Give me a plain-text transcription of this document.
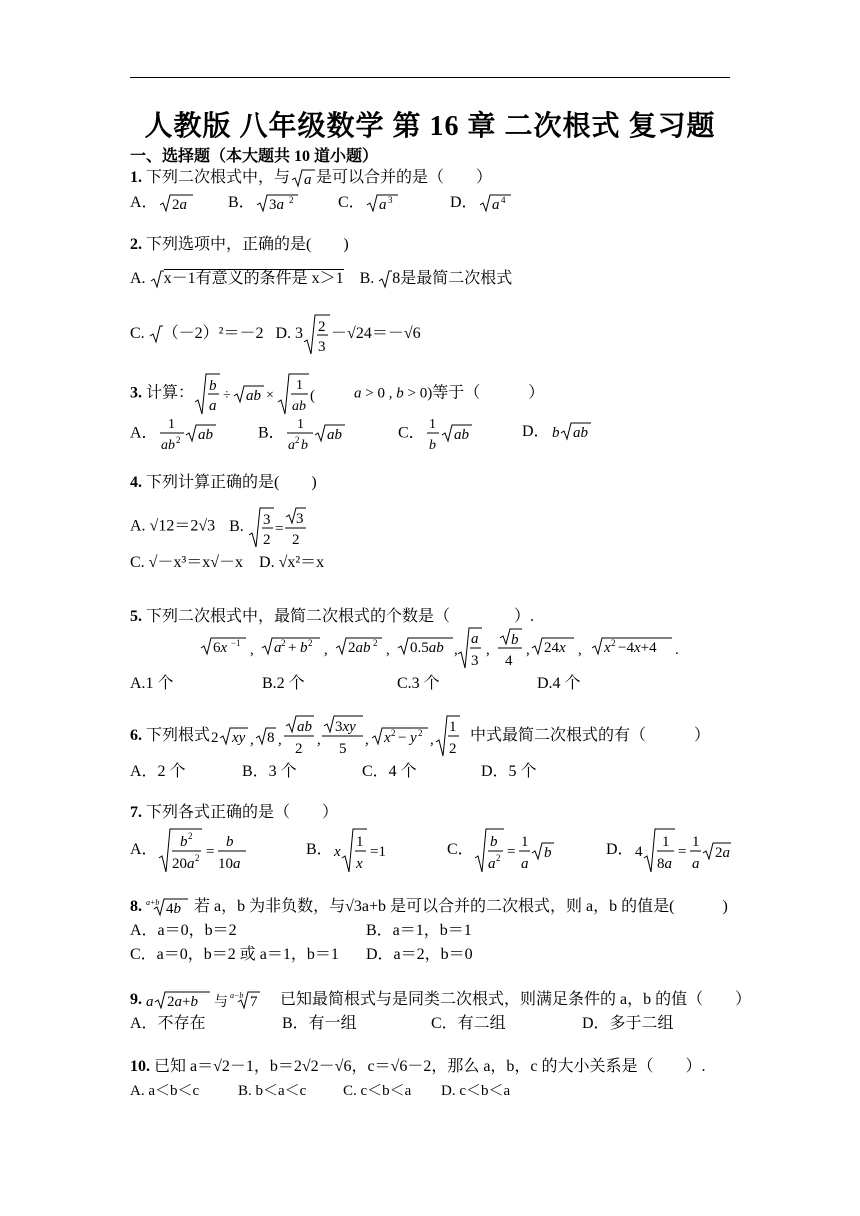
人教版 八年级数学 第 16 章 二次根式 复习题
一、选择题（本大题共 10 道小题）
1. 下列二次根式中，与 a 是可以合并的是（　　）
A． 2a	B． 3a 2	C． a 3	D． a 4
2. 下列选项中，正确的是(　　)
A. x－1有意义的条件是 x＞1 B. 8是最简二次根式
C. （－2）²＝－2 D. 3 2
3
－√24＝－√6
3. 计算： b
a
÷ ab ×
1
ab
(	a > 0 , b > 0)等于（　　　）
A．
1
ab 2 ab	B．
1
a 2 b
ab	C．
1
b
ab	D． b ab
4. 下列计算正确的是(　　)
A. √12＝2√3 B. 3
2
=
3
2
C. √－x³＝x√－x D. √x²＝x
5. 下列二次根式中，最简二次根式的个数是（　　　　）.
6x −1 , a 2 + b 2 , 2ab 2 , 0.5ab ,
a
3
,
b
4
, 24x , x 2 −4x+4 .
A.1 个	B.2 个	C.3 个	D.4 个
6. 下列根式 2 xy , 8 ,
ab
2
,
3xy
5
, x 2 − y 2 ,
1
2
中式最简二次根式的有（　　　）
A．2 个	B．3 个	C．4 个	D．5 个
7. 下列各式正确的是（　　）
A． b 2
20a 2 =
b
10a
B． x
1
x
=1	C． b
a 2 =
1
a
b	D． 4
1
8a
=
1
a
2a
8. a+b 4b 若 a，b 为非负数，与√3a+b 是可以合并的二次根式，则 a，b 的值是(　　　)
A．a＝0，b＝2	B．a＝1，b＝1
C．a＝0，b＝2 或 a＝1，b＝1 D．a＝2，b＝0
9. a 2a+b 与 a−b 7 已知最简根式与是同类二次根式，则满足条件的 a，b 的值（　　）
A．不存在	B．有一组	C．有二组	D．多于二组
10. 已知 a＝√2－1，b＝2√2－√6，c＝√6－2，那么 a，b，c 的大小关系是（　　）.
A. a＜b＜c	B. b＜a＜c C. c＜b＜a D. c＜b＜a
